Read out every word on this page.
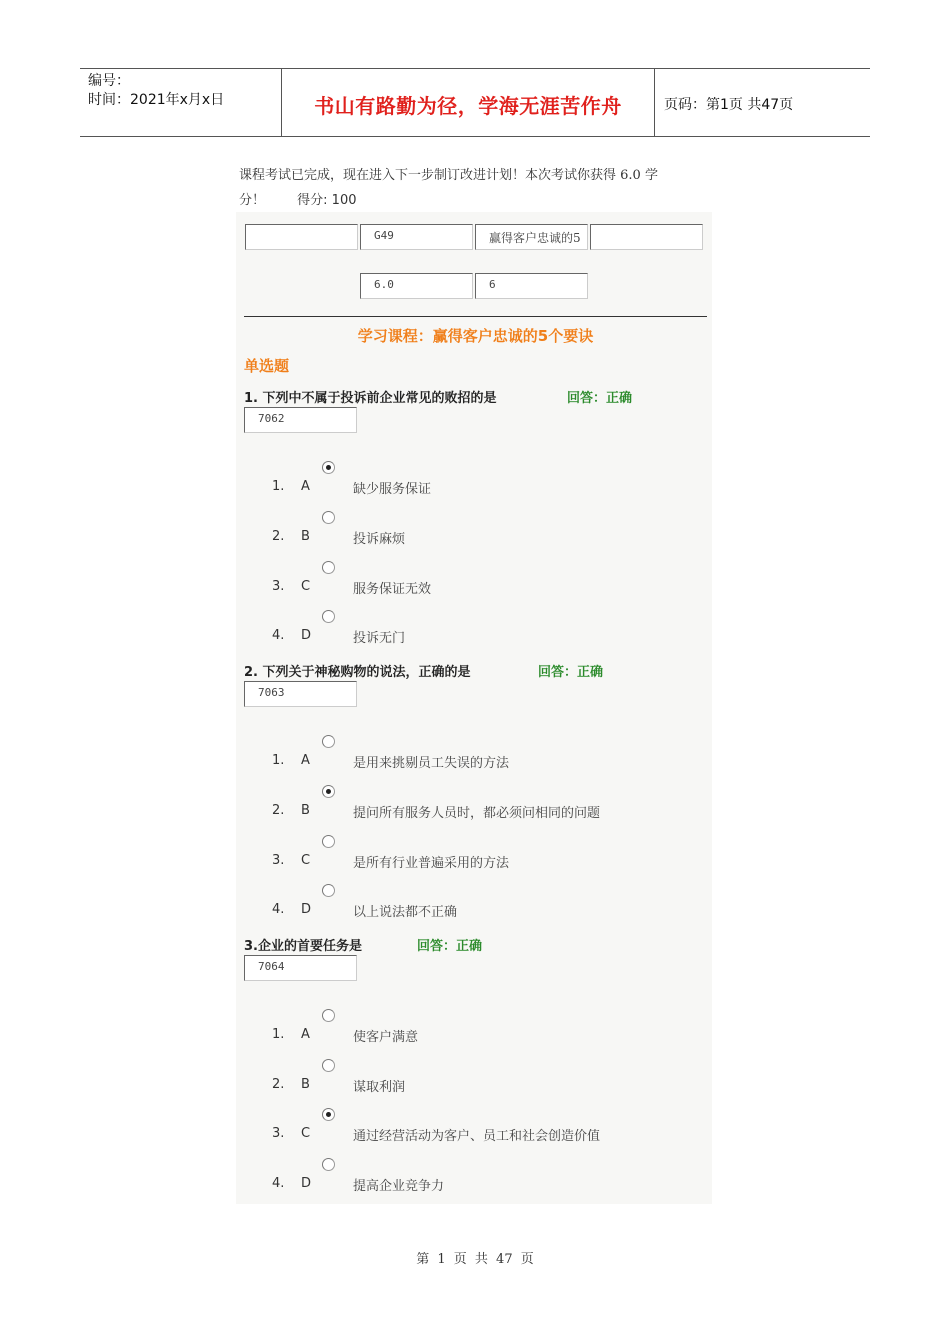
编号：
时间：2021年x月x日	书山有路勤为径，学海无涯苦作舟	页码：第1页 共47页
课程考试已完成，现在进入下一步制订改进计划！本次考试你获得 6.0 学
分！ 得分: 100
G49	赢得客户忠诚的5
6.0	6
学习课程：赢得客户忠诚的5个要诀
单选题
1. 下列中不属于投诉前企业常见的败招的是	回答：正确
7062
1. A	缺少服务保证
2. B	投诉麻烦
3. C	服务保证无效
4. D	投诉无门
2. 下列关于神秘购物的说法，正确的是	回答：正确
7063
1. A	是用来挑剔员工失误的方法
2. B	提问所有服务人员时，都必须问相同的问题
3. C	是所有行业普遍采用的方法
4. D	以上说法都不正确
3.企业的首要任务是	回答：正确
7064
1. A	使客户满意
2. B	谋取利润
3. C	通过经营活动为客户、员工和社会创造价值
4. D	提高企业竞争力
第 1 页 共 47 页
